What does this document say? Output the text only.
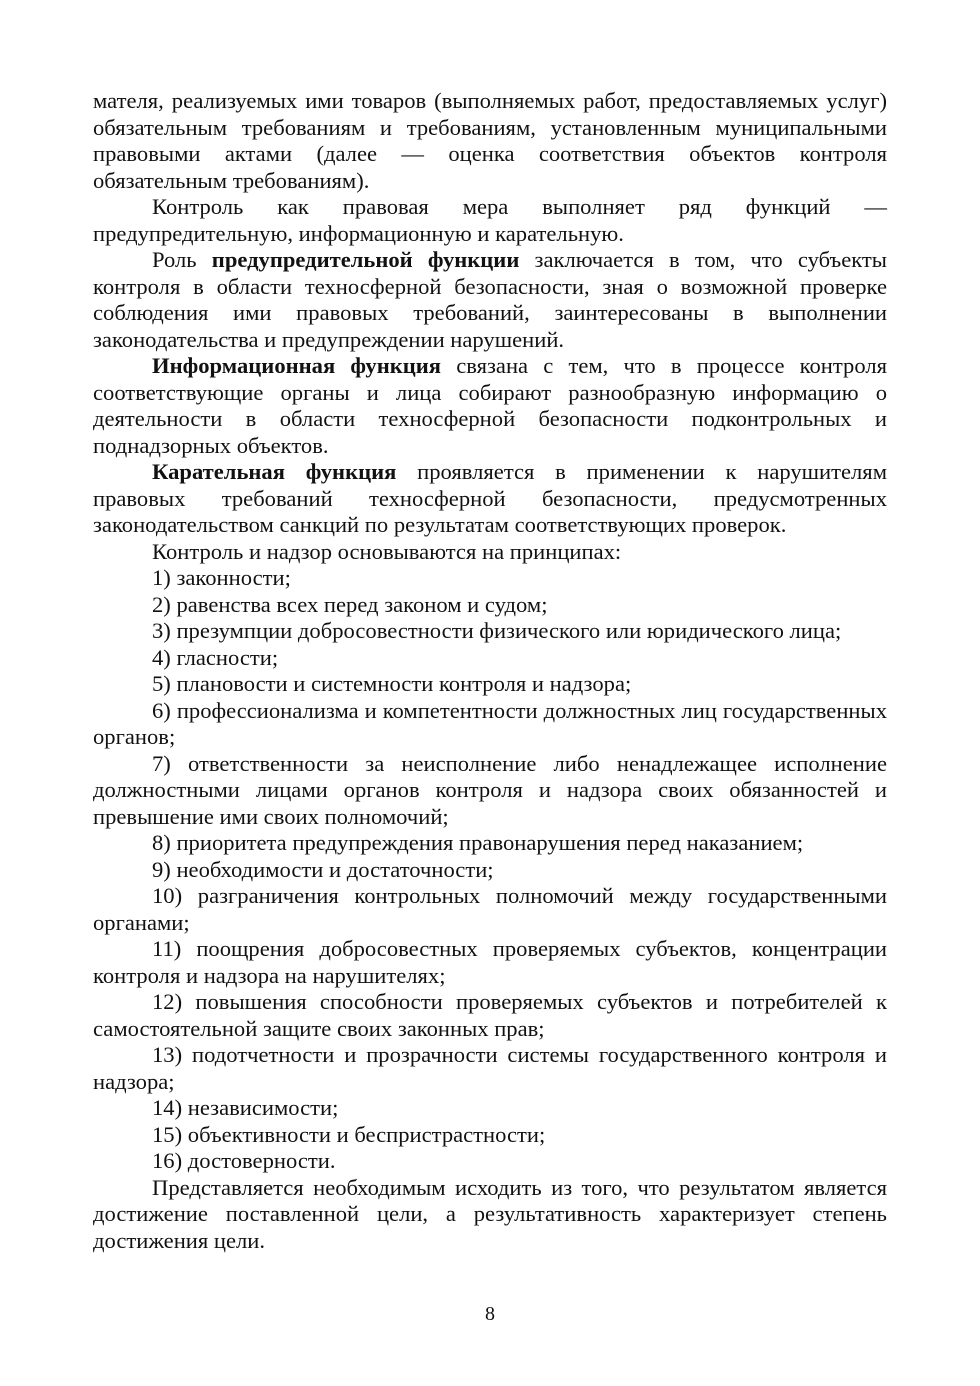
мателя, реализуемых ими товаров (выполняемых работ, предоставляемых услуг) обязательным требованиям и требованиям, установленным муниципальными правовыми актами (далее — оценка соответствия объектов контроля обязательным требованиям).

Контроль как правовая мера выполняет ряд функций — предупредительную, информационную и карательную.

Роль предупредительной функции заключается в том, что субъекты контроля в области техносферной безопасности, зная о возможной проверке соблюдения ими правовых требований, заинтересованы в выполнении законодательства и предупреждении нарушений.

Информационная функция связана с тем, что в процессе контроля соответствующие органы и лица собирают разнообразную информацию о деятельности в области техносферной безопасности подконтрольных и поднадзорных объектов.

Карательная функция проявляется в применении к нарушителям правовых требований техносферной безопасности, предусмотренных законодательством санкций по результатам соответствующих проверок.

Контроль и надзор основываются на принципах:

1) законности;

2) равенства всех перед законом и судом;

3) презумпции добросовестности физического или юридического лица;

4) гласности;

5) плановости и системности контроля и надзора;

6) профессионализма и компетентности должностных лиц государственных органов;

7) ответственности за неисполнение либо ненадлежащее исполнение должностными лицами органов контроля и надзора своих обязанностей и превышение ими своих полномочий;

8) приоритета предупреждения правонарушения перед наказанием;

9) необходимости и достаточности;

10) разграничения контрольных полномочий между государственными органами;

11) поощрения добросовестных проверяемых субъектов, концентрации контроля и надзора на нарушителях;

12) повышения способности проверяемых субъектов и потребителей к самостоятельной защите своих законных прав;

13) подотчетности и прозрачности системы государственного контроля и надзора;

14) независимости;

15) объективности и беспристрастности;

16) достоверности.

Представляется необходимым исходить из того, что результатом является достижение поставленной цели, а результативность характеризует степень достижения цели.

8
